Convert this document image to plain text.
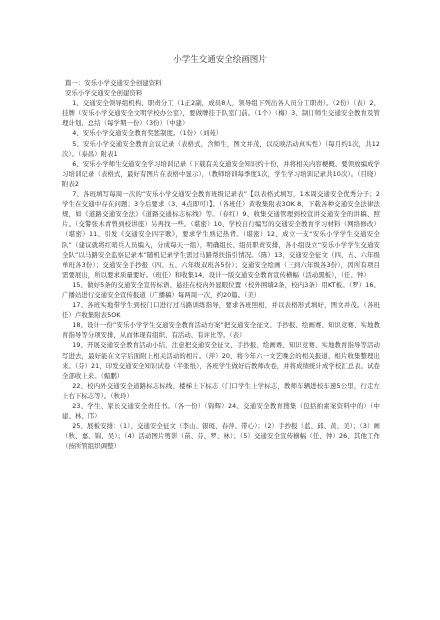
小学生交通安全绘画图片

篇一：安乐小学交通安全创建资料

安乐小学交通安全创建资料

1、交通安全领导组机构、职责分工（1正2副，成员8人，领导组下列出各人员分工职责）。（2份）（表）2、挂牌（安乐小学交通安全文明学校办公室），要做牌挂于队室门前。（1个）（梅）3、制订师生交通安全教育及管理计划、总结（每学期一份）（3份）（中建）

4、安乐小学交通安全教育奖惩制度。（1份）（刘苑）

5、安乐小学交通安全教育会议记录（表格式，含师生，图文并茂，以反映活动真实性）（每月约1次，共12次）。（泰昌）附表1

6、安乐小学师生交通安全学习培训记录（下载有关交通安全知识约十份，并将相关内容梗概、要领放编成学习培训记录（表格式，最好有图片在表格中显示），（教师培训每季度1次，学生学习培训记录共10次）。（目晓）附表2

7、各班填写每周一次的“安乐小学交通安全教育班级记录表”【以表格式填写，1本周交通安全优秀分子；2学生在交通中存在问题；3今后要求（3、4点即可）】。（各班任）黄收集附表3OK 8、下载各种交通安全法律法规，如《道路交通安全法》《道路交通标志标线》等。（春红）9、收集交通管理到校宣讲交通安全的讲稿、照片。（交警张木青曾到校讲座）另再找一些。（堪密）10、学校自行编写的交通安全教育学习材料（网络修改）（堪密）11、引发《交通安全四字歌》，要求学生熟记热背。（堪密）12、成立一支“安乐小学学生交通安全队”（建议就将红哨兵人员编入，分成每天一组），明确组长、组员职责安排，各小组设立“安乐小学学生交通安全队”以马路安全监察记录本”随机记录学生需过马路帮扶指引情况。（陈）13、交通安全征文（四、五、六年级单班各3份）；交通安全手抄报（四、五、六年级双班各5份）；交通安全绘画（三到六年级各3份），因所有项目需要展出，所以要求质量要好。（班任）和收集14、设计一版交通安全教育宣传横幅（活动黑板），（任、钟）

15、做好5条的交通安全宣传标语、悬挂在校内外显眼位置（校外围墙2条，校内3条）用KT板。（罗）16、广播站进行交通安全宣传报道（广播稿）每两周一次，约20篇。（美）

17、各班实地带学生到校门口进行过马路训练指导，要求各班照相，并以表格形式填好，图文并茂。（各班任）卢收集附表5OK

18、设计一份“安乐小学学生交通安全教育活动方案”把交通安全征文、手抄报、绘画赛、知识竞赛、实地教育指导等分项安排，从而体现有组织、有活动、有评比等。（表）

19、开展交通安全教育活动小结，注意把交通安全征文、手抄报、绘画赛、知识竞赛、实地教育指导等活动写进去，最好能在文字后面附上相关活动的相片。（萍）20、将今年六一文艺晚会的相关报道、相片收集整理出来。（芬）21、印发交通安全知识试卷（半张纸），各班学生做好后教师改卷，并将成绩统计成学校汇总表。试卷全部收上来。（媚鹏）

22、校内外交通安全道路标志标线、楼梯上下标志（门口学生上学标志，教师车辆进校车速5公里，行走左上右下标志等）。（秋玲）

23、学生、家长交通安全责任书。（各一份）（锦辉）24、交通安全教育搜集（包括拍素案资料中的）（中建、林、邝）

25、展板安排：（1）、交通安全征文（李山、银斑、春萍、带心）；（2）手抄报（蓝、邱、黄、美）；（3）画（秋、嘉、锦、吴）；（4）活动图片剪影（苗、芬、罗、林）；（5）交通安全宣传横幅（任、钟）26、其他工作（按所管组织调整）
